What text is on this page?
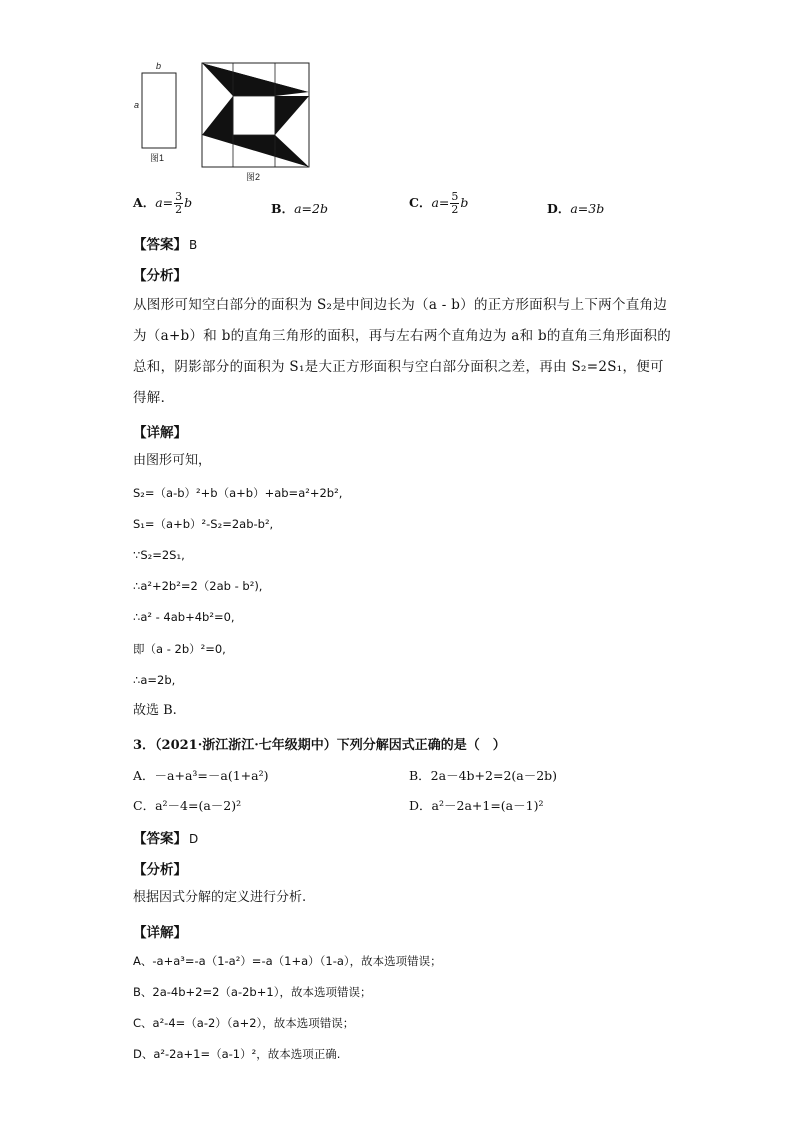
b
a
图1
图2
A．$a= \frac{3}{2}$ b	B．a=2b	C．$a= \frac{5}{2}$ b	D．a=3b
【答案】 B
【分析】
从图形可知空白部分的面积为 S₂是中间边长为（a - b）的正方形面积与上下两个直角边为（a+b）和 b的直角三角形的面积，再与左右两个直角边为 a和 b的直角三角形面积的总和，阴影部分的面积为 S₁是大正方形面积与空白部分面积之差，再由 S₂=2S₁，便可得解．
【详解】
由图形可知，
S₂=（a-b）²+b（a+b）+ab=a²+2b²,
S₁=（a+b）²-S₂=2ab-b²,
∵S₂=2S₁,
∴a²+2b²=2（2ab - b²),
∴a² - 4ab+4b²=0,
即（a - 2b）²=0,
∴a=2b,
故选 B.
3．（2021·浙江浙江·七年级期中）下列分解因式正确的是（　）
A．－a+a³=－a(1+a²)	B．2a－4b+2=2(a－2b)
C．a²－4=(a－2)²	D．a²－2a+1=(a－1)²
【答案】 D
【分析】
根据因式分解的定义进行分析.
【详解】
A、-a+a³=-a（1-a²）=-a（1+a）（1-a），故本选项错误；
B、2a-4b+2=2（a-2b+1），故本选项错误；
C、a²-4=（a-2）（a+2），故本选项错误；
D、a²-2a+1=（a-1）²，故本选项正确.
